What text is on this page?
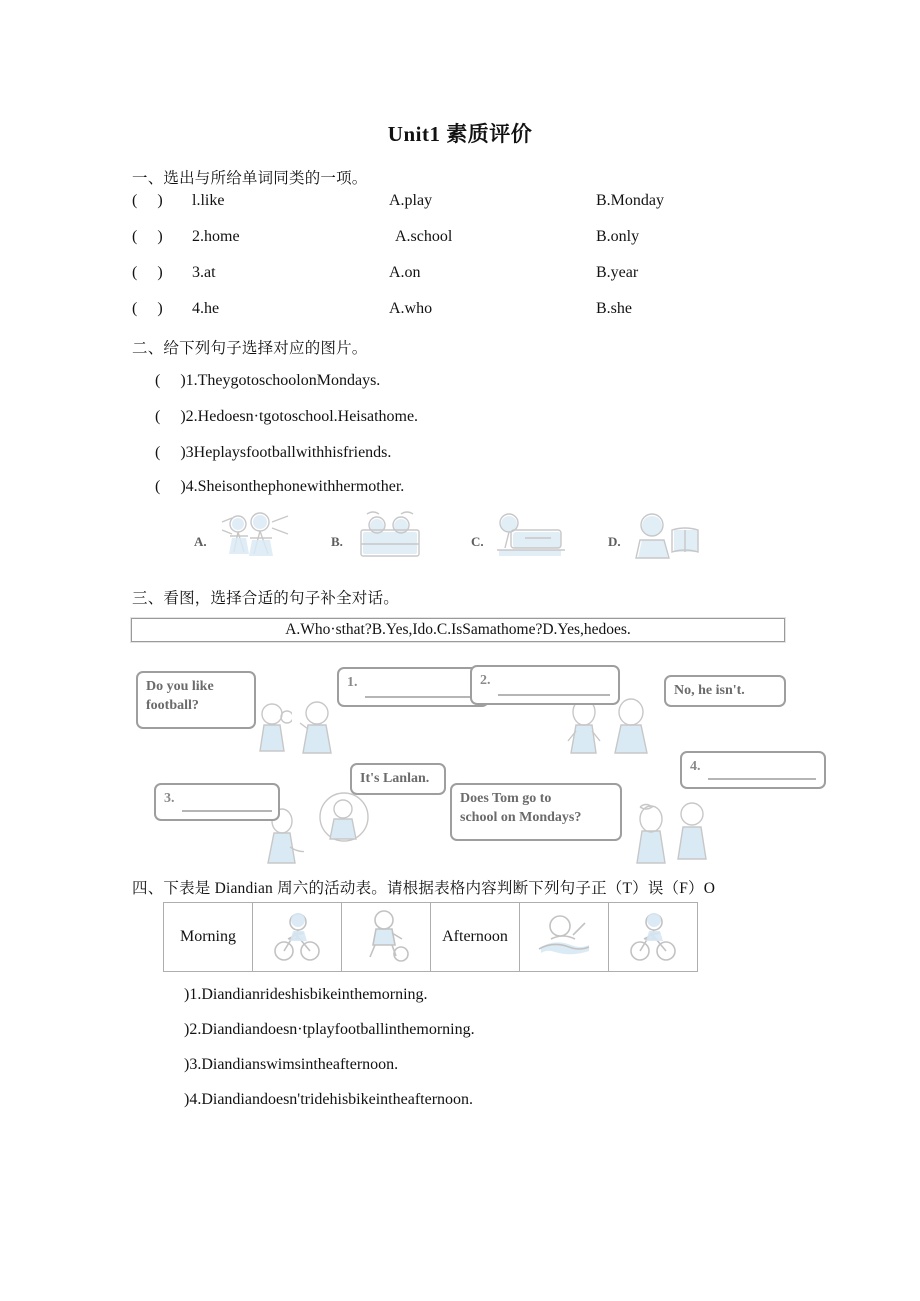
Unit1 素质评价
一、选出与所给单词同类的一项。
(     ) l.like	A.play	B.Monday
(     ) 2.home	A.school	B.only
(     ) 3.at	A.on	B.year
(     ) 4.he	A.who	B.she
二、给下列句子选择对应的图片。
(     )1.TheygotoschoolonMondays.
(     )2.Hedoesn·tgotoschool.Heisathome.
(     )3Heplaysfootballwithhisfriends.
(     )4.Sheisonthephonewithhermother.
A.	B.	C.	D.
三、看图，选择合适的句子补全对话。
A.Who·sthat?B.Yes,Ido.C.IsSamathome?D.Yes,hedoes.
Do you like
football?
1.	2.
No, he isn't.
3.
It's Lanlan.
Does Tom go to
school on Mondays?
4.
四、下表是 Diandian 周六的活动表。请根据表格内容判断下列句子正（T）误（F）O
Morning			Afternoon	

)1.Diandianrideshisbikeinthemorning.
)2.Diandiandoesn·tplayfootballinthemorning.
)3.Diandianswimsintheafternoon.
)4.Diandiandoesn'tridehisbikeintheafternoon.
